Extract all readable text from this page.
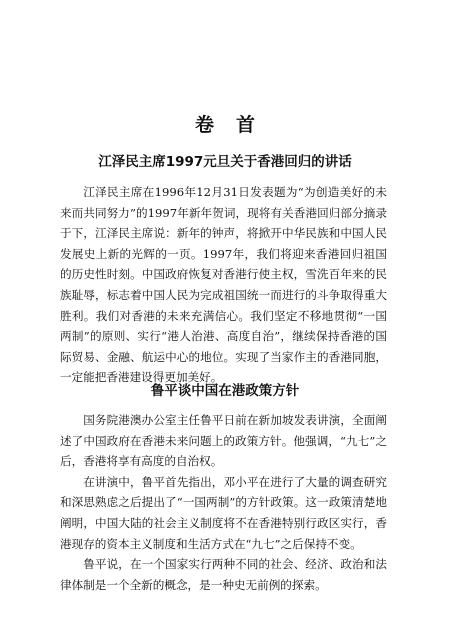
卷首
江泽民主席1997元旦关于香港回归的讲话

江泽民主席在1996年12月31日发表题为“为创造美好的未来而共同努力”的1997年新年贺词，现将有关香港回归部分摘录于下，江泽民主席说：新年的钟声，将掀开中华民族和中国人民发展史上新的光辉的一页。1997年，我们将迎来香港回归祖国的历史性时刻。中国政府恢复对香港行使主权，雪洗百年来的民族耻辱，标志着中国人民为完成祖国统一而进行的斗争取得重大胜利。我们对香港的未来充满信心。我们坚定不移地贯彻“一国两制”的原则、实行“港人治港、高度自治”，继续保持香港的国际贸易、金融、航运中心的地位。实现了当家作主的香港同胞，一定能把香港建设得更加美好。

鲁平谈中国在港政策方针

国务院港澳办公室主任鲁平日前在新加坡发表讲演，全面阐述了中国政府在香港未来问题上的政策方针。他强调，“九七”之后，香港将享有高度的自治权。

在讲演中，鲁平首先指出，邓小平在进行了大量的调查研究和深思熟虑之后提出了“一国两制”的方针政策。这一政策清楚地阐明，中国大陆的社会主义制度将不在香港特别行政区实行，香港现存的资本主义制度和生活方式在“九七”之后保持不变。

鲁平说，在一个国家实行两种不同的社会、经济、政治和法律体制是一个全新的概念，是一种史无前例的探索。
